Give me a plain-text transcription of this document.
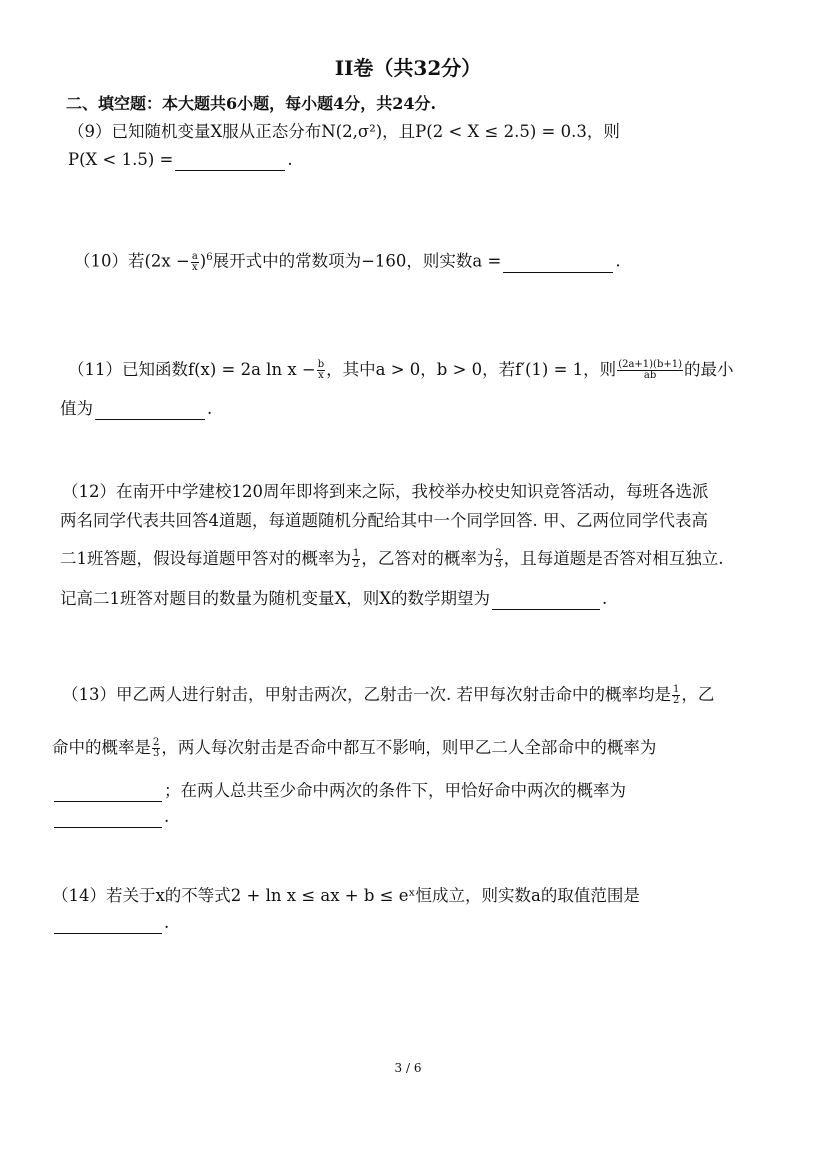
II卷（共32分）
二、填空题：本大题共6小题，每小题4分，共24分.
（9）已知随机变量X服从正态分布N(2,σ²)，且P(2 < X ≤ 2.5) = 0.3，则
P(X < 1.5) =	.
（10）若$(2x - \frac{a}{x} )^6$展开式中的常数项为−160，则实数a =	.
（11）已知函数f(x) = 2a $\ln x - \frac{b}{x}$ ，其中a > 0，b > 0，若f′(1) = 1，则 $\frac{(2a+1)(b+1)}{ab}$ 的最小
值为	.
（12）在南开中学建校120周年即将到来之际，我校举办校史知识竞答活动，每班各选派
两名同学代表共回答4道题，每道题随机分配给其中一个同学回答. 甲、乙两位同学代表高
二1班答题，假设每道题甲答对的概率为 $\frac{1}{2}$ ，乙答对的概率为 $\frac{2}{3}$ ，且每道题是否答对相互独立.
记高二1班答对题目的数量为随机变量X，则X的数学期望为	.
（13）甲乙两人进行射击，甲射击两次，乙射击一次. 若甲每次射击命中的概率均是 $\frac{1}{2}$ ，乙
命中的概率是 $\frac{2}{3}$ ，两人每次射击是否命中都互不影响，则甲乙二人全部命中的概率为
；在两人总共至少命中两次的条件下，甲恰好命中两次的概率为
.
（14）若关于x的不等式2 + ln x ≤ ax + b ≤ eˣ恒成立，则实数a的取值范围是
.
3 / 6
